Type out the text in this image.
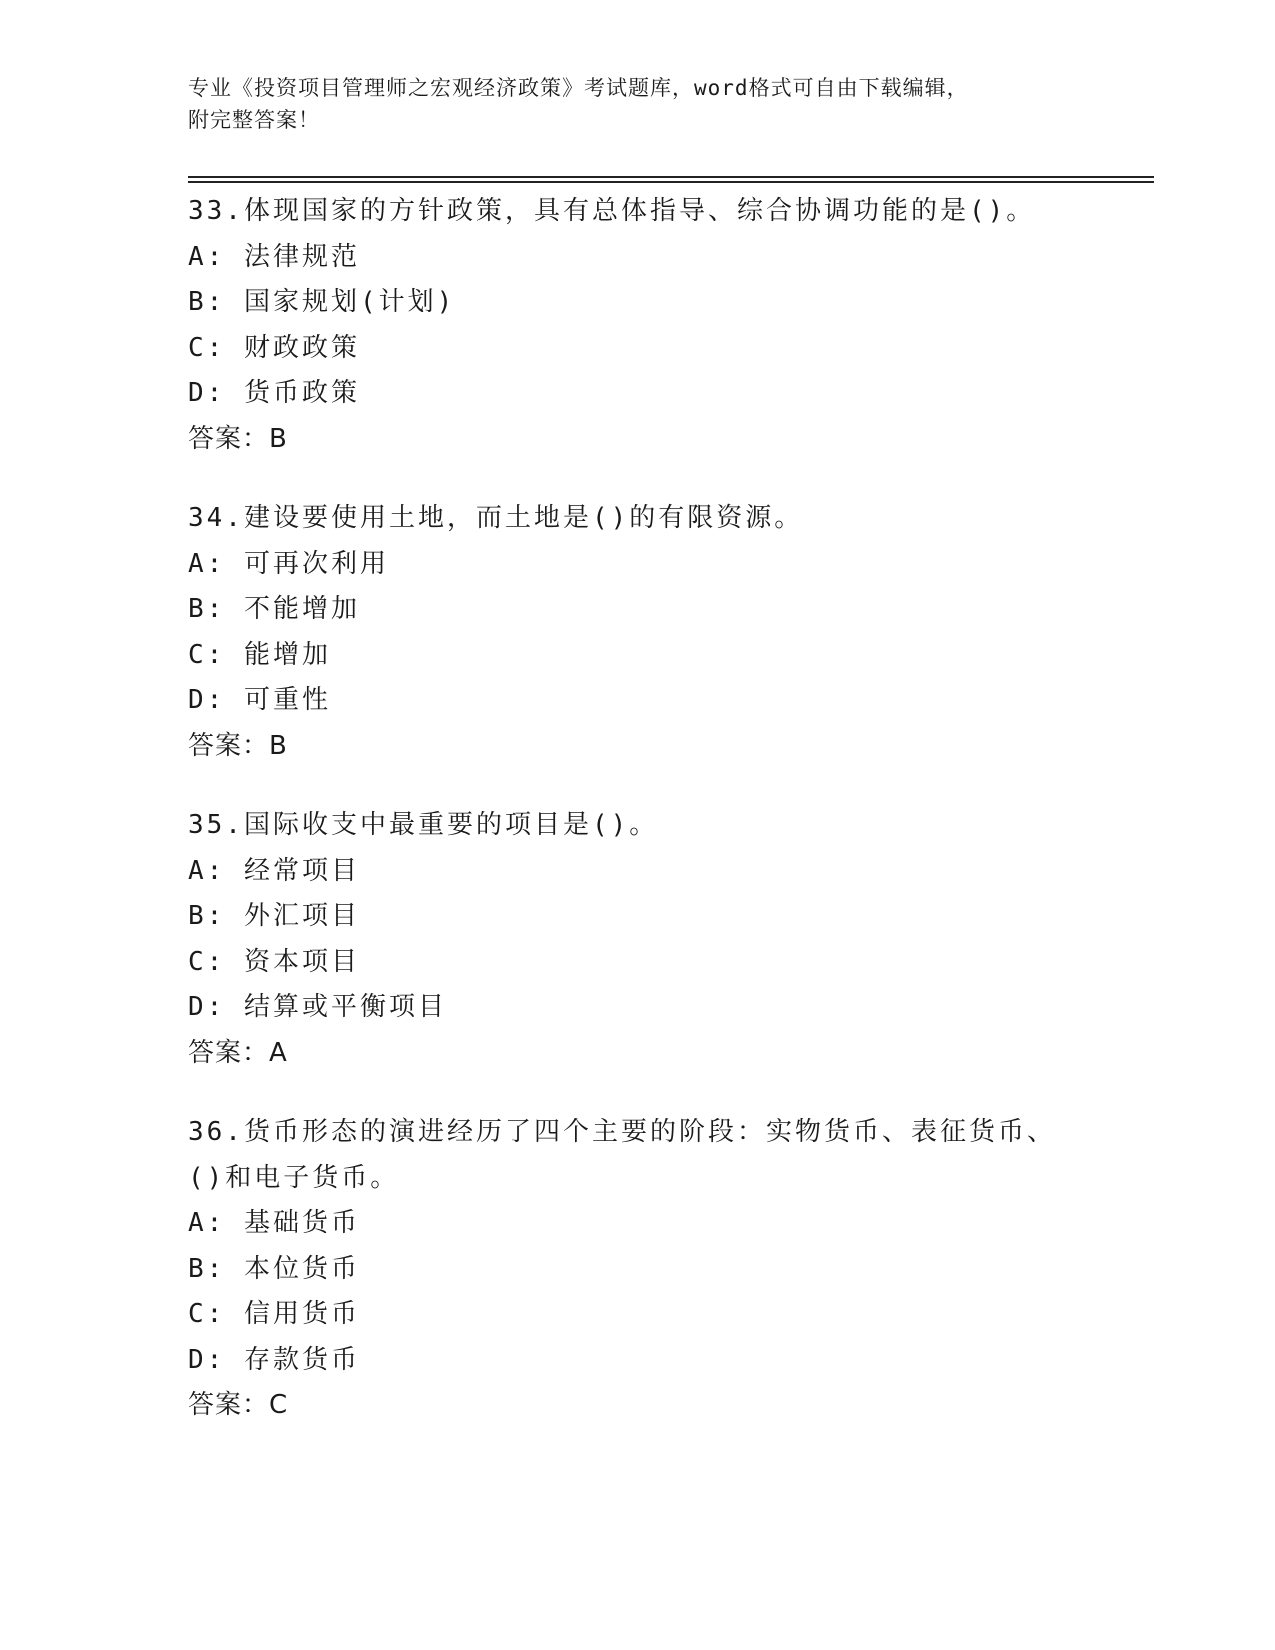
专业《投资项目管理师之宏观经济政策》考试题库，word格式可自由下载编辑，
附完整答案！
33.体现国家的方针政策，具有总体指导、综合协调功能的是()。
A: 法律规范
B: 国家规划(计划)
C: 财政政策
D: 货币政策
答案：B
34.建设要使用土地，而土地是()的有限资源。
A: 可再次利用
B: 不能增加
C: 能增加
D: 可重性
答案：B
35.国际收支中最重要的项目是()。
A: 经常项目
B: 外汇项目
C: 资本项目
D: 结算或平衡项目
答案：A
36.货币形态的演进经历了四个主要的阶段：实物货币、表征货币、()和电子货币。
A: 基础货币
B: 本位货币
C: 信用货币
D: 存款货币
答案：C
